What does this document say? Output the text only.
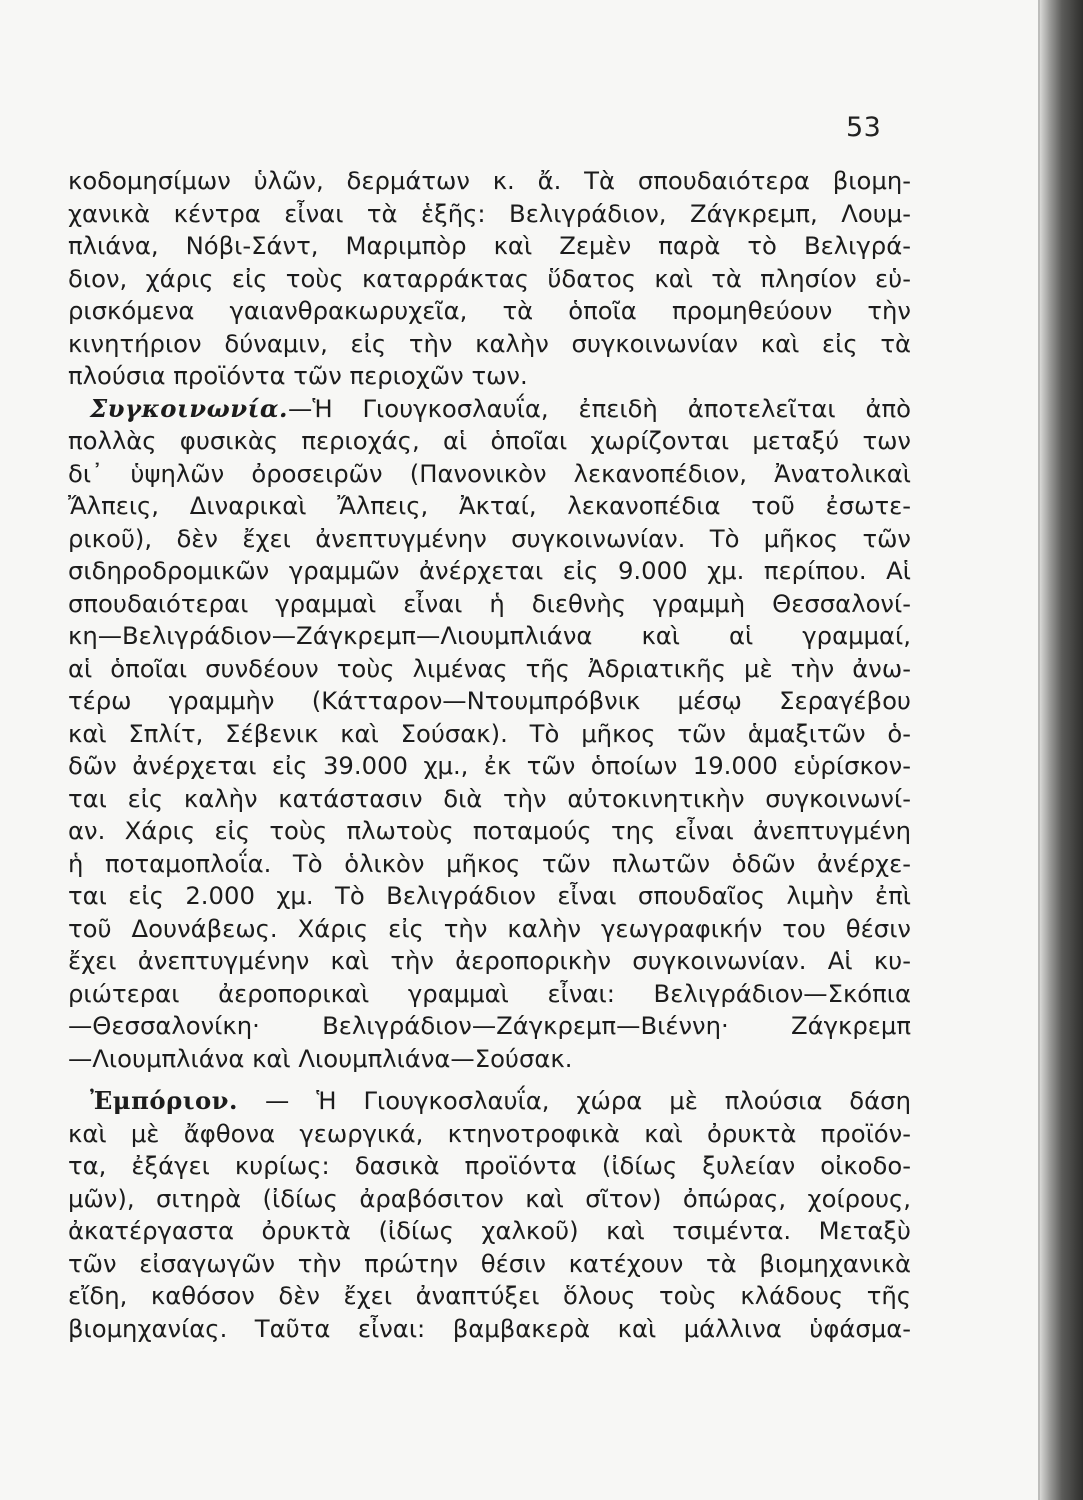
53
κοδομησίμων ὑλῶν, δερμάτων κ. ἄ. Τὰ σπουδαιότερα βιομη-
χανικὰ κέντρα εἶναι τὰ ἑξῆς: Βελιγράδιον, Ζάγκρεμπ, Λουμ-
πλιάνα, Νόβι-Σάντ, Μαριμπὸρ καὶ Ζεμὲν παρὰ τὸ Βελιγρά-
διον, χάρις εἰς τοὺς καταρράκτας ὕδατος καὶ τὰ πλησίον εὑ-
ρισκόμενα γαιανθρακωρυχεῖα, τὰ ὁποῖα προμηθεύουν τὴν
κινητήριον δύναμιν, εἰς τὴν καλὴν συγκοινωνίαν καὶ εἰς τὰ
πλούσια προϊόντα τῶν περιοχῶν των.
Συγκοινωνία.—Ἡ Γιουγκοσλαυΐα, ἐπειδὴ ἀποτελεῖται ἀπὸ
πολλὰς φυσικὰς περιοχάς, αἱ ὁποῖαι χωρίζονται μεταξύ των
δι᾿ ὑψηλῶν ὀροσειρῶν (Πανονικὸν λεκανοπέδιον, Ἀνατολικαὶ
Ἄλπεις, Διναρικαὶ Ἄλπεις, Ἀκταί, λεκανοπέδια τοῦ ἐσωτε-
ρικοῦ), δὲν ἔχει ἀνεπτυγμένην συγκοινωνίαν. Τὸ μῆκος τῶν
σιδηροδρομικῶν γραμμῶν ἀνέρχεται εἰς 9.000 χμ. περίπου. Αἱ
σπουδαιότεραι γραμμαὶ εἶναι ἡ διεθνὴς γραμμὴ Θεσσαλονί-
κη—Βελιγράδιον—Ζάγκρεμπ—Λιουμπλιάνα καὶ αἱ γραμμαί,
αἱ ὁποῖαι συνδέουν τοὺς λιμένας τῆς Ἀδριατικῆς μὲ τὴν ἀνω-
τέρω γραμμὴν (Κάτταρον—Ντουμπρόβνικ μέσῳ Σεραγέβου
καὶ Σπλίτ, Σέβενικ καὶ Σούσακ). Τὸ μῆκος τῶν ἁμαξιτῶν ὁ-
δῶν ἀνέρχεται εἰς 39.000 χμ., ἐκ τῶν ὁποίων 19.000 εὑρίσκον-
ται εἰς καλὴν κατάστασιν διὰ τὴν αὐτοκινητικὴν συγκοινωνί-
αν. Χάρις εἰς τοὺς πλωτοὺς ποταμούς της εἶναι ἀνεπτυγμένη
ἡ ποταμοπλοΐα. Τὸ ὁλικὸν μῆκος τῶν πλωτῶν ὁδῶν ἀνέρχε-
ται εἰς 2.000 χμ. Τὸ Βελιγράδιον εἶναι σπουδαῖος λιμὴν ἐπὶ
τοῦ Δουνάβεως. Χάρις εἰς τὴν καλὴν γεωγραφικήν του θέσιν
ἔχει ἀνεπτυγμένην καὶ τὴν ἀεροπορικὴν συγκοινωνίαν. Αἱ κυ-
ριώτεραι ἀεροπορικαὶ γραμμαὶ εἶναι: Βελιγράδιον—Σκόπια
—Θεσσαλονίκη· Βελιγράδιον—Ζάγκρεμπ—Βιέννη· Ζάγκρεμπ
—Λιουμπλιάνα καὶ Λιουμπλιάνα—Σούσακ.
Ἐμπόριον. — Ἡ Γιουγκοσλαυΐα, χώρα μὲ πλούσια δάση
καὶ μὲ ἄφθονα γεωργικά, κτηνοτροφικὰ καὶ ὀρυκτὰ προϊόν-
τα, ἐξάγει κυρίως: δασικὰ προϊόντα (ἰδίως ξυλείαν οἰκοδο-
μῶν), σιτηρὰ (ἰδίως ἀραβόσιτον καὶ σῖτον) ὀπώρας, χοίρους,
ἀκατέργαστα ὀρυκτὰ (ἰδίως χαλκοῦ) καὶ τσιμέντα. Μεταξὺ
τῶν εἰσαγωγῶν τὴν πρώτην θέσιν κατέχουν τὰ βιομηχανικὰ
εἴδη, καθόσον δὲν ἔχει ἀναπτύξει ὅλους τοὺς κλάδους τῆς
βιομηχανίας. Ταῦτα εἶναι: βαμβακερὰ καὶ μάλλινα ὑφάσμα-
